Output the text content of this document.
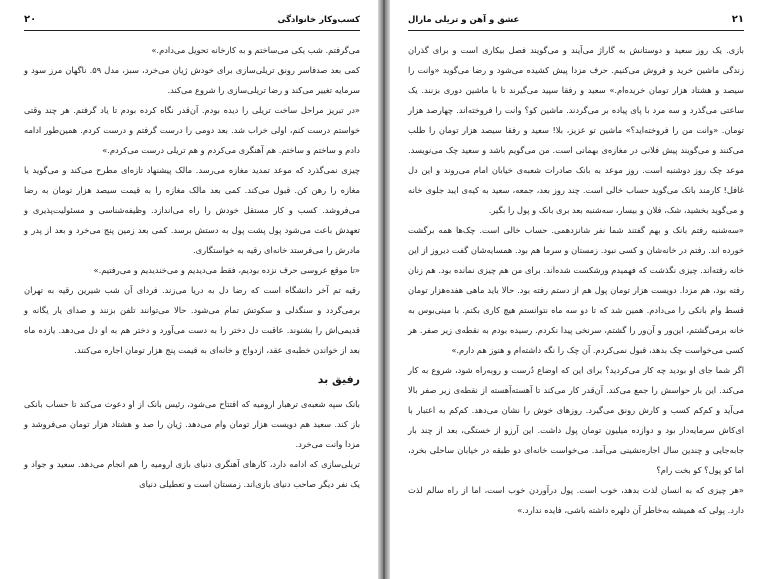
۲۰	کسب‌وکار خانوادگی

می‌گرفتم. شب یکی می‌ساختم و به کارخانه تحویل می‌دادم.»

کمی بعد صدفاسر رونق تریلی‌سازی برای خودش ژیان می‌خرد، سبز، مدل ۵۹. ناگهان مرز سود و سرمایه تغییر می‌کند و رضا تریلی‌سازی را شروع می‌کند.

«در تبریز مراحل ساخت تریلی را دیده بودم. آن‌قدر نگاه کرده بودم تا یاد گرفتم. هر چند وقتی خواستم درست کنم، اولی خراب شد. بعد دومی را درست گرفتم و درست کردم. همین‌طور ادامه دادم و ساختم و ساختم. هم آهنگری می‌کردم و هم تریلی درست می‌کردم.»

چیزی نمی‌گذرد که موعد تمدید مغازه می‌رسد. مالک پیشنهاد تازه‌ای مطرح می‌کند و می‌گوید یا مغازه را رهن کن. قبول می‌کند. کمی بعد مالک مغازه را به قیمت سیصد هزار تومان به رضا می‌فروشد. کسب و کار مستقل خودش را راه می‌اندازد. وظیفه‌شناسی و مسئولیت‌پذیری و تعهدش باعث می‌شود پول پشت پول به دستش برسد. کمی بعد زمین پنج می‌خرد و بعد از پدر و مادرش را می‌فرستد خانه‌ای رقیه به خواستگاری.

«تا موقع عروسی حرف نزده بودیم، فقط می‌دیدیم و می‌خندیدیم و می‌رفتیم.»

رقیه تم آخر دانشگاه است که رضا دل به دریا می‌زند. فردای آن شب شیرین رقیه به تهران برمی‌گردد و سنگدلی و سکوتش تمام می‌شود. حالا می‌توانند تلفن بزنند و صدای یار یگانه و قدیمی‌اش را بشنوند. عاقبت دل دختر را به دست می‌آورد و دختر هم به او دل می‌دهد. یازده ماه بعد از خواندن خطبه‌ی عقد، ازدواج و خانه‌ای به قیمت پنج هزار تومان اجاره می‌کنند.

رفیق بد

بانک سپه شعبه‌ی ترهبار ارومیه که افتتاح می‌شود، رئیس بانک از او دعوت می‌کند تا حساب بانکی باز کند. سعید هم دویست هزار تومان وام می‌دهد. ژیان را صد و هشتاد هزار تومان می‌فروشد و مزدا وانت می‌خرد.

تریلی‌سازی که ادامه دارد، کارهای آهنگری دنیای بازی ارومیه را هم انجام می‌دهد. سعید و جواد و یک نفر دیگر صاحب دنیای بازی‌اند. زمستان است و تعطیلی دنیای

۲۱
عشق و آهن و تریلی مارال

بازی. یک روز سعید و دوستانش به گاراژ می‌آیند و می‌گویند فصل بیکاری است و برای گذران زندگی ماشین خرید و فروش می‌کنیم. حرف مزدا پیش کشیده می‌شود و رضا می‌گوید «وانت را سیصد و هشتاد هزار تومان خریده‌ام.» سعید و رفقا سپید می‌گیرند تا با ماشین دوری بزنند. یک ساعتی می‌گذرد و سه مرد با پای پیاده بر می‌گردند. ماشین کو؟ وانت را فروخته‌اند. چهارصد هزار تومان. «وانت من را فروخته‌اید؟» ماشین تو عزیز، بلا! سعید و رفقا سیصد هزار تومان را طلب می‌کنند و می‌گویند پیش فلانی در مغازه‌ی بهمانی است. من می‌گویم باشد و سعید چک می‌نویسد. موعد چک روز دوشنبه است. روز موعد به بانک صادرات شعبه‌ی خیابان امام می‌روند و این دل غافل! کارمند بانک می‌گوید حساب خالی است. چند روز بعد، جمعه، سعید به کیه‌ی ایبد جلوی خانه و می‌گوید بخشید، شک، فلان و بیسار، سه‌شنبه بعد بری بانک و پول را بگیر.

«سه‌شنبه رفتم بانک و بهم گفتند شما نفر شانزدهمی. حساب خالی است. چک‌ها همه برگشت خورده اند. رفتم در خانه‌شان و کسی نبود. زمستان و سرما هم بود. همسایه‌شان گفت دیروز از این خانه رفته‌اند. چیزی نگذشت که فهمیدم ورشکست شده‌اند. برای من هم چیزی نمانده بود. هم زنان رفته بود، هم مزدا. دویست هزار تومان پول هم از دستم رفته بود. حالا باید ماهی هفده‌هزار تومان قسط وام بانکی را می‌دادم. همین شد که تا دو سه ماه نتوانستم هیچ کاری بکنم. با مینی‌بوس به خانه برمی‌گشتم، این‌ور و آن‌ور را گشتم، سرنخی پیدا نکردم. رسیده بودم به نقطه‌ی زیر صفر. هر کسی می‌خواست چک بدهد، قبول نمی‌کردم. آن چک را نگه داشته‌ام و هنوز هم دارم.»

اگر شما جای او بودید چه کار می‌کردید؟ برای این که اوضاع دُرست و رو‌به‌راه شود، شروع به کار می‌کند. این بار حواسش را جمع می‌کند. آن‌قدر کار می‌کند تا آهسته‌آهسته از نقطه‌ی زیر صفر بالا می‌آید و کم‌کم کسب و کارش رونق می‌گیرد. روزهای خوش را نشان می‌دهد. کم‌کم به اعتبار با ای‌کاش سرمایه‌دار بود و دوازده میلیون تومان پول داشت. این آرزو از خستگی، بعد از چند بار جابه‌جایی و چندین سال اجاره‌نشینی می‌آمد. می‌خواست خانه‌ای دو طبقه در خیابان ساحلی بخرد، اما کو پول؟ کو بخت رام؟

«هر چیزی که به انسان لذت بدهد، خوب است. پول درآوردن خوب است، اما از راه سالم لذت دارد. پولی که همیشه به‌خاطر آن دلهره داشته باشی، فایده ندارد.»
